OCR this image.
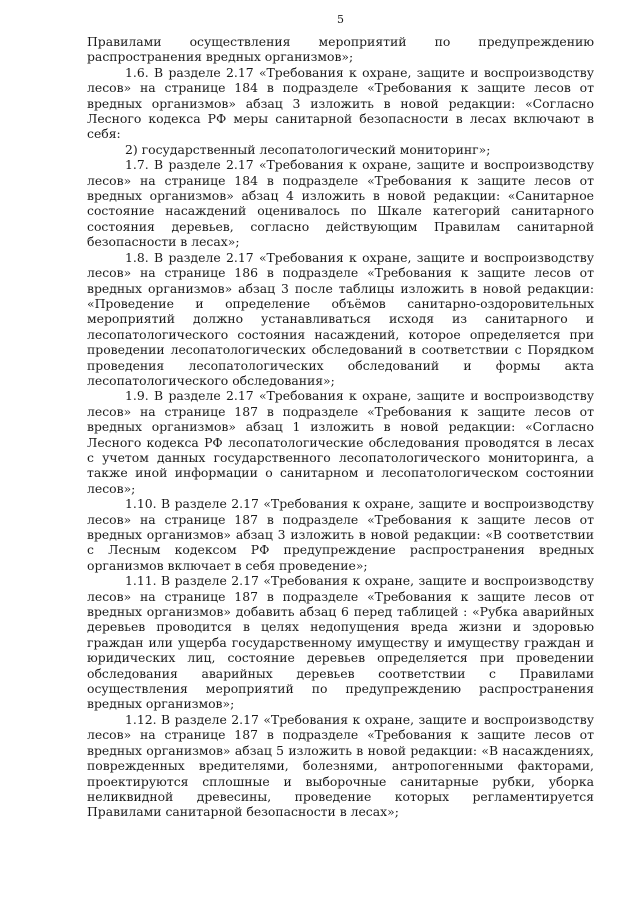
5

Правилами осуществления мероприятий по предупреждению распространения вредных организмов»;

1.6. В разделе 2.17 «Требования к охране, защите и воспроизводству лесов» на странице 184 в подразделе «Требования к защите лесов от вредных организмов» абзац 3 изложить в новой редакции: «Согласно Лесного кодекса РФ меры санитарной безопасности в лесах включают в себя:

2) государственный лесопатологический мониторинг»;

1.7. В разделе 2.17 «Требования к охране, защите и воспроизводству лесов» на странице 184 в подразделе «Требования к защите лесов от вредных организмов» абзац 4 изложить в новой редакции: «Санитарное состояние насаждений оценивалось по Шкале категорий санитарного состояния деревьев, согласно действующим Правилам санитарной безопасности в лесах»;

1.8. В разделе 2.17 «Требования к охране, защите и воспроизводству лесов» на странице 186 в подразделе «Требования к защите лесов от вредных организмов» абзац 3 после таблицы изложить в новой редакции: «Проведение и определение объёмов санитарно-оздоровительных мероприятий должно устанавливаться исходя из санитарного и лесопатологического состояния насаждений, которое определяется при проведении лесопатологических обследований в соответствии с Порядком проведения лесопатологических обследований и формы акта лесопатологического обследования»;

1.9. В разделе 2.17 «Требования к охране, защите и воспроизводству лесов» на странице 187 в подразделе «Требования к защите лесов от вредных организмов» абзац 1 изложить в новой редакции: «Согласно Лесного кодекса РФ лесопатологические обследования проводятся в лесах с учетом данных государственного лесопатологического мониторинга, а также иной информации о санитарном и лесопатологическом состоянии лесов»;

1.10. В разделе 2.17 «Требования к охране, защите и воспроизводству лесов» на странице 187 в подразделе «Требования к защите лесов от вредных организмов» абзац 3 изложить в новой редакции: «В соответствии с Лесным кодексом РФ предупреждение распространения вредных организмов включает в себя проведение»;

1.11. В разделе 2.17 «Требования к охране, защите и воспроизводству лесов» на странице 187 в подразделе «Требования к защите лесов от вредных организмов» добавить абзац 6 перед таблицей : «Рубка аварийных деревьев проводится в целях недопущения вреда жизни и здоровью граждан или ущерба государственному имуществу и имуществу граждан и юридических лиц, состояние деревьев определяется при проведении обследования аварийных деревьев соответствии с Правилами осуществления мероприятий по предупреждению распространения вредных организмов»;

1.12. В разделе 2.17 «Требования к охране, защите и воспроизводству лесов» на странице 187 в подразделе «Требования к защите лесов от вредных организмов» абзац 5 изложить в новой редакции: «В насаждениях, поврежденных вредителями, болезнями, антропогенными факторами, проектируются сплошные и выборочные санитарные рубки, уборка неликвидной древесины, проведение которых регламентируется Правилами санитарной безопасности в лесах»;
